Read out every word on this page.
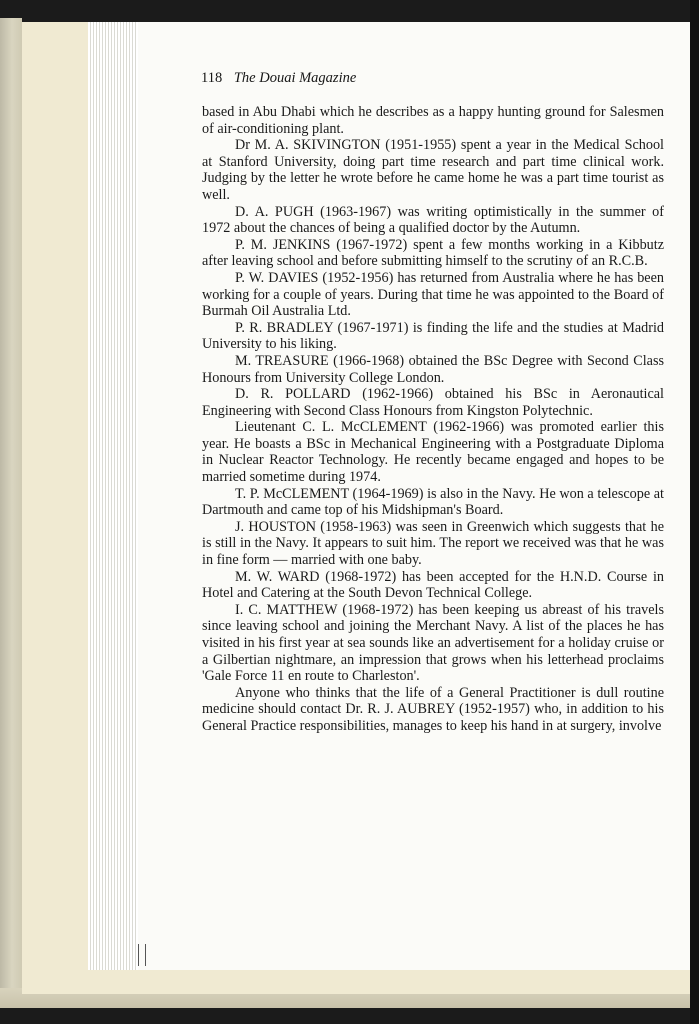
118 The Douai Magazine

based in Abu Dhabi which he describes as a happy hunting ground for Salesmen of air-conditioning plant.

Dr M. A. SKIVINGTON (1951-1955) spent a year in the Medical School at Stanford University, doing part time research and part time clinical work. Judging by the letter he wrote before he came home he was a part time tourist as well.

D. A. PUGH (1963-1967) was writing optimistically in the summer of 1972 about the chances of being a qualified doctor by the Autumn.

P. M. JENKINS (1967-1972) spent a few months working in a Kibbutz after leaving school and before submitting himself to the scrutiny of an R.C.B.

P. W. DAVIES (1952-1956) has returned from Australia where he has been working for a couple of years. During that time he was appointed to the Board of Burmah Oil Australia Ltd.

P. R. BRADLEY (1967-1971) is finding the life and the studies at Madrid University to his liking.

M. TREASURE (1966-1968) obtained the BSc Degree with Second Class Honours from University College London.

D. R. POLLARD (1962-1966) obtained his BSc in Aeronautical Engineering with Second Class Honours from Kingston Polytechnic.

Lieutenant C. L. McCLEMENT (1962-1966) was promoted earlier this year. He boasts a BSc in Mechanical Engineering with a Postgraduate Diploma in Nuclear Reactor Technology. He recently became engaged and hopes to be married sometime during 1974.

T. P. McCLEMENT (1964-1969) is also in the Navy. He won a telescope at Dartmouth and came top of his Midshipman's Board.

J. HOUSTON (1958-1963) was seen in Greenwich which suggests that he is still in the Navy. It appears to suit him. The report we received was that he was in fine form — married with one baby.

M. W. WARD (1968-1972) has been accepted for the H.N.D. Course in Hotel and Catering at the South Devon Technical College.

I. C. MATTHEW (1968-1972) has been keeping us abreast of his travels since leaving school and joining the Merchant Navy. A list of the places he has visited in his first year at sea sounds like an advertisement for a holiday cruise or a Gilbertian nightmare, an impression that grows when his letterhead proclaims 'Gale Force 11 en route to Charleston'.

Anyone who thinks that the life of a General Practitioner is dull routine medicine should contact Dr. R. J. AUBREY (1952-1957) who, in addition to his General Practice responsibilities, manages to keep his hand in at surgery, involve
